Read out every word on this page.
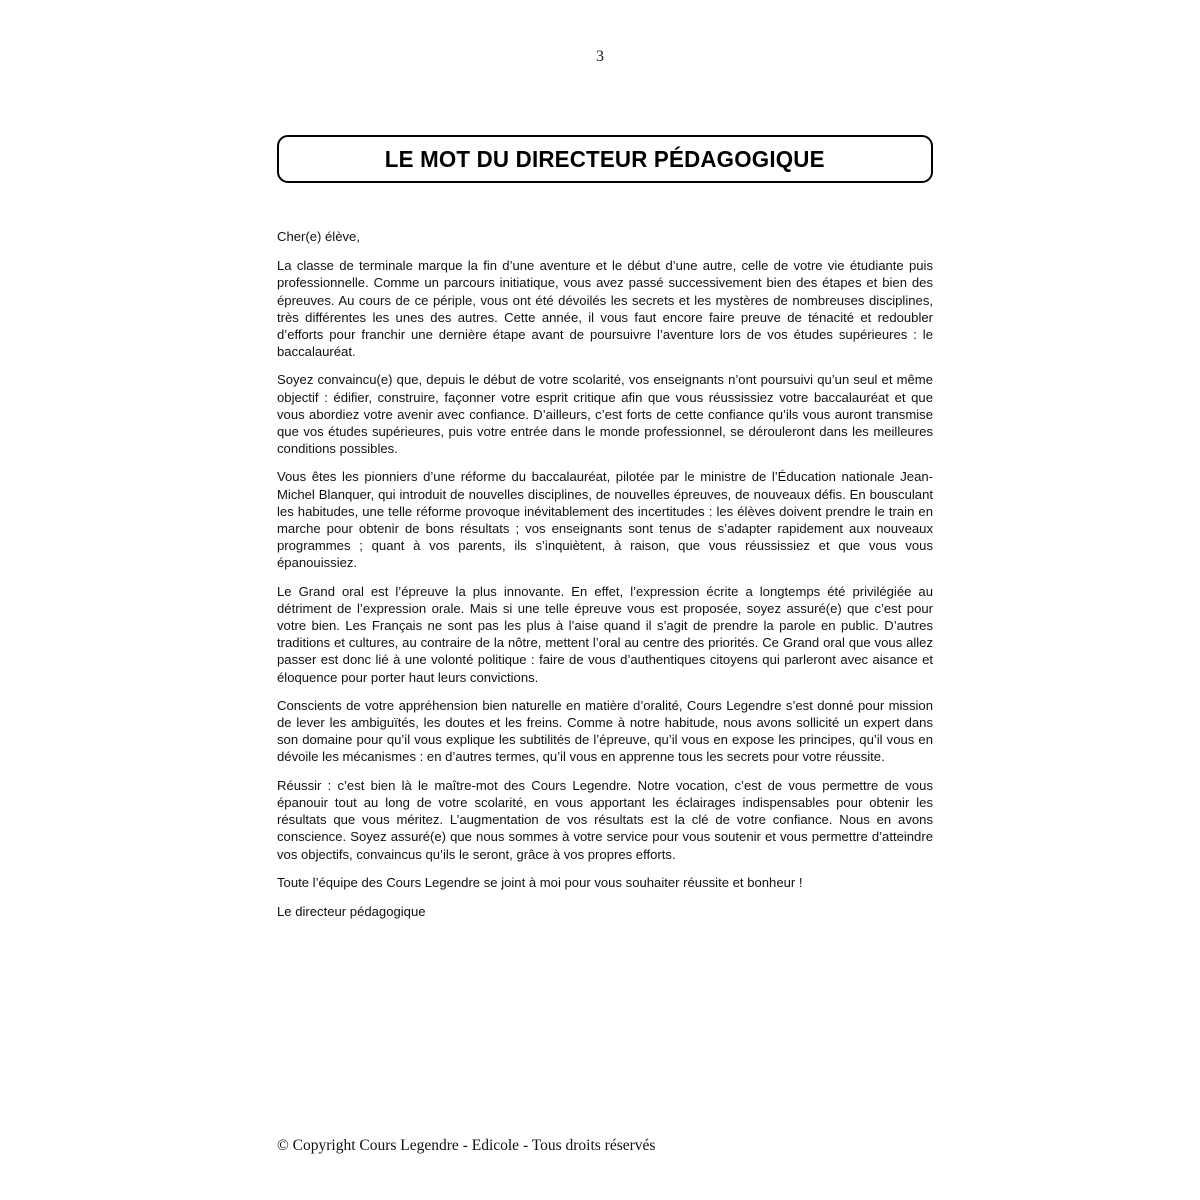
3
LE MOT DU DIRECTEUR PÉDAGOGIQUE

Cher(e) élève,

La classe de terminale marque la fin d’une aventure et le début d’une autre, celle de votre vie étudiante puis professionnelle. Comme un parcours initiatique, vous avez passé successivement bien des étapes et bien des épreuves. Au cours de ce périple, vous ont été dévoilés les secrets et les mystères de nombreuses disciplines, très différentes les unes des autres. Cette année, il vous faut encore faire preuve de ténacité et redoubler d’efforts pour franchir une dernière étape avant de poursuivre l’aventure lors de vos études supérieures : le baccalauréat.

Soyez convaincu(e) que, depuis le début de votre scolarité, vos enseignants n’ont poursuivi qu’un seul et même objectif : édifier, construire, façonner votre esprit critique afin que vous réussissiez votre baccalauréat et que vous abordiez votre avenir avec confiance. D’ailleurs, c’est forts de cette confiance qu’ils vous auront transmise que vos études supérieures, puis votre entrée dans le monde professionnel, se dérouleront dans les meilleures conditions possibles.

Vous êtes les pionniers d’une réforme du baccalauréat, pilotée par le ministre de l’Éducation nationale Jean-Michel Blanquer, qui introduit de nouvelles disciplines, de nouvelles épreuves, de nouveaux défis. En bousculant les habitudes, une telle réforme provoque inévitablement des incertitudes : les élèves doivent prendre le train en marche pour obtenir de bons résultats ; vos enseignants sont tenus de s’adapter rapidement aux nouveaux programmes ; quant à vos parents, ils s’inquiètent, à raison, que vous réussissiez et que vous vous épanouissiez.

Le Grand oral est l’épreuve la plus innovante. En effet, l’expression écrite a longtemps été privilégiée au détriment de l’expression orale. Mais si une telle épreuve vous est proposée, soyez assuré(e) que c’est pour votre bien. Les Français ne sont pas les plus à l’aise quand il s’agit de prendre la parole en public. D’autres traditions et cultures, au contraire de la nôtre, mettent l’oral au centre des priorités. Ce Grand oral que vous allez passer est donc lié à une volonté politique : faire de vous d’authentiques citoyens qui parleront avec aisance et éloquence pour porter haut leurs convictions.

Conscients de votre appréhension bien naturelle en matière d’oralité, Cours Legendre s’est donné pour mission de lever les ambiguïtés, les doutes et les freins. Comme à notre habitude, nous avons sollicité un expert dans son domaine pour qu’il vous explique les subtilités de l’épreuve, qu’il vous en expose les principes, qu’il vous en dévoile les mécanismes : en d’autres termes, qu’il vous en apprenne tous les secrets pour votre réussite.

Réussir : c’est bien là le maître-mot des Cours Legendre. Notre vocation, c’est de vous permettre de vous épanouir tout au long de votre scolarité, en vous apportant les éclairages indispensables pour obtenir les résultats que vous méritez. L’augmentation de vos résultats est la clé de votre confiance. Nous en avons conscience. Soyez assuré(e) que nous sommes à votre service pour vous soutenir et vous permettre d’atteindre vos objectifs, convaincus qu’ils le seront, grâce à vos propres efforts.

Toute l’équipe des Cours Legendre se joint à moi pour vous souhaiter réussite et bonheur !

Le directeur pédagogique

© Copyright Cours Legendre - Edicole - Tous droits réservés
